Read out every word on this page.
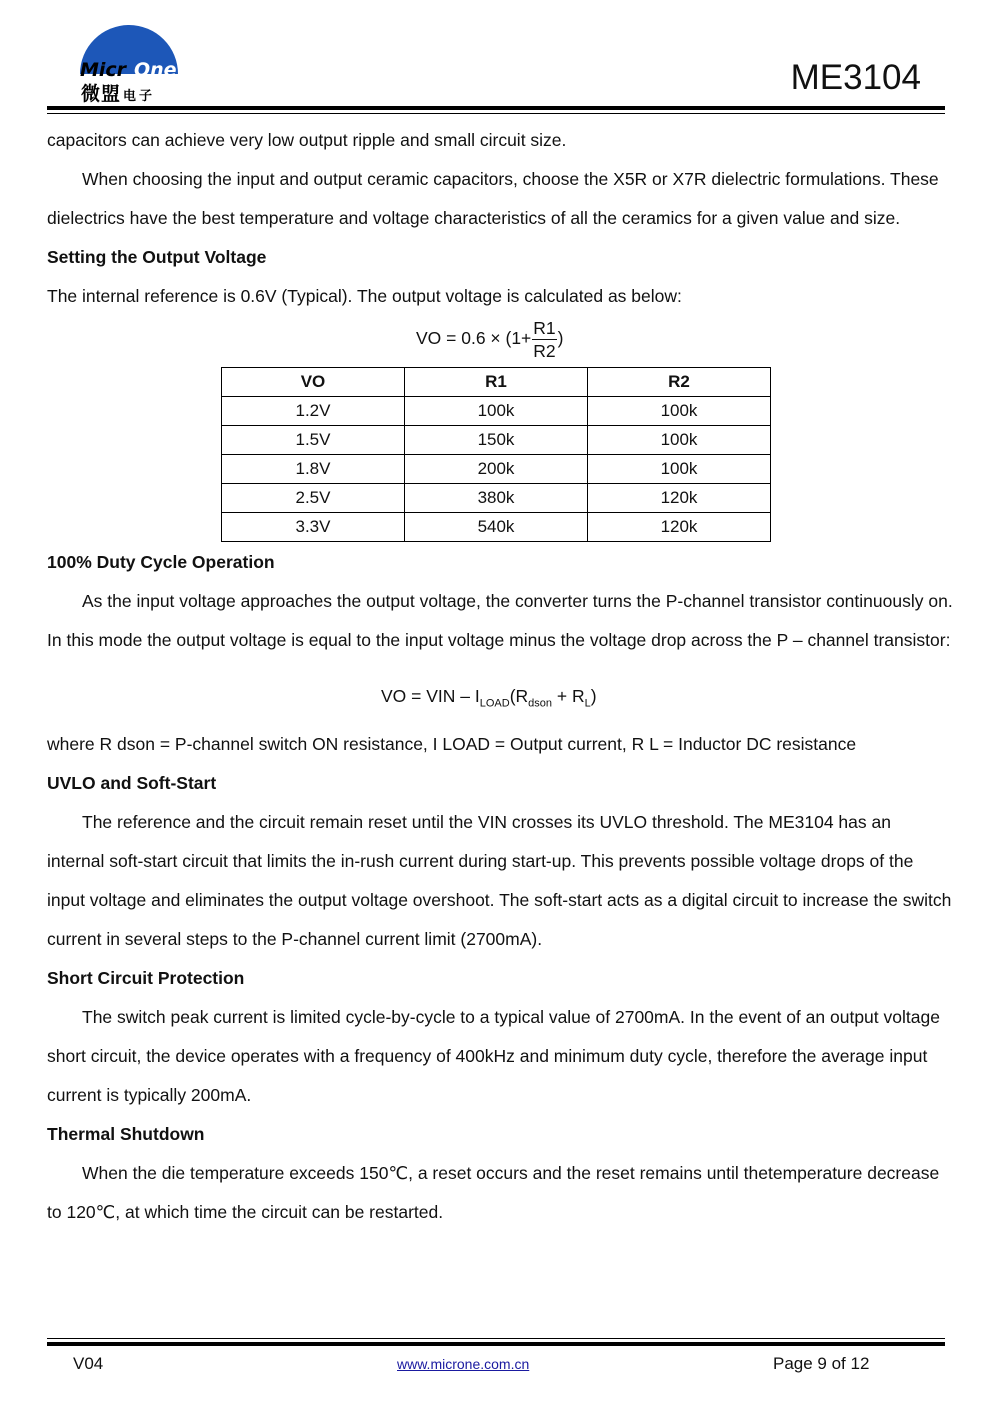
Micr One
微盟 电子	ME3104
capacitors can achieve very low output ripple and small circuit size.
When choosing the input and output ceramic capacitors, choose the X5R or X7R dielectric formulations. These
dielectrics have the best temperature and voltage characteristics of all the ceramics for a given value and size.
Setting the Output Voltage
The internal reference is 0.6V (Typical). The output voltage is calculated as below:
VO = $0.6 \times (1+ \frac{R1}{R2}$ )
VO	R1	R2
1.2V	100k	100k
1.5V	150k	100k
1.8V	200k	100k
2.5V	380k	120k
3.3V	540k	120k
100% Duty Cycle Operation
As the input voltage approaches the output voltage, the converter turns the P-channel transistor continuously on.
In this mode the output voltage is equal to the input voltage minus the voltage drop across the P – channel transistor:
VO = VIN – $I_{LOAD}(R_{dson} + R_L)$
where R dson = P-channel switch ON resistance, I LOAD = Output current, R L = Inductor DC resistance
UVLO and Soft-Start
The reference and the circuit remain reset until the VIN crosses its UVLO threshold. The ME3104 has an
internal soft-start circuit that limits the in-rush current during start-up. This prevents possible voltage drops of the
input voltage and eliminates the output voltage overshoot. The soft-start acts as a digital circuit to increase the switch
current in several steps to the P-channel current limit (2700mA).
Short Circuit Protection
The switch peak current is limited cycle-by-cycle to a typical value of 2700mA. In the event of an output voltage
short circuit, the device operates with a frequency of 400kHz and minimum duty cycle, therefore the average input
current is typically 200mA.
Thermal Shutdown
When the die temperature exceeds 150℃, a reset occurs and the reset remains until thetemperature decrease
to 120℃, at which time the circuit can be restarted.
V04	www.microne.com.cn	Page 9 of 12
